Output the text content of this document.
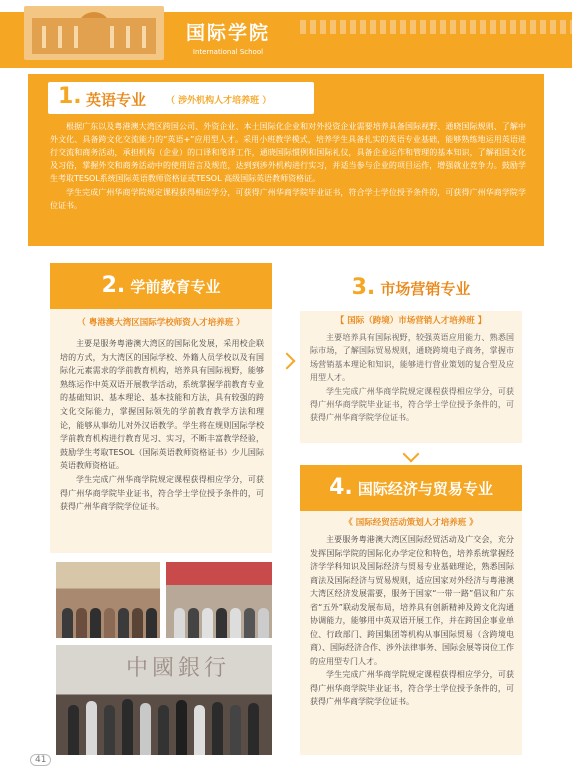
国际学院
International School
1. 英语专业 （ 涉外机构人才培养班 ）

根据广东以及粤港澳大湾区跨国公司、外资企业、本土国际化企业和对外投资企业需要培养具备国际视野、通晓国际规则、了解中外文化、具备跨文化交流能力的“英语+”应用型人才。采用小班教学模式，培养学生具备扎实的英语专业基础，能够熟练地运用英语进行交流和商务活动，承担机构（企业）的口译和笔译工作，通晓国际惯例和国际礼仪，具备企业运作和管理的基本知识，了解祖国文化及习俗，掌握外交和商务活动中的使用语言及规范，达到到涉外机构进行实习，并适当参与企业的项目运作，增强就业竞争力。鼓励学生考取TESOL系统国际英语教师资格证或TESOL 高级国际英语教师资格证。

学生完成广州华商学院规定课程获得相应学分，可获得广州华商学院毕业证书，符合学士学位授予条件的，可获得广州华商学院学位证书。

2. 学前教育专业
（ 粤港澳大湾区国际学校师资人才培养班 ）

主要是服务粤港澳大湾区的国际化发展，采用校企联培的方式，为大湾区的国际学校、外籍人员学校以及有国际化元素需求的学前教育机构，培养具有国际视野，能够熟练运作中英双语开展教学活动，系统掌握学前教育专业的基础知识、基本理论、基本技能和方法，具有较强的跨文化交际能力，掌握国际领先的学前教育教学方法和理论，能够从事幼儿对外汉语教学。学生将在规则国际学校学前教育机构进行教育见习、实习，不断丰富教学经验，鼓励学生考取TESOL（国际英语教师资格证书）少儿国际英语教师资格证。

学生完成广州华商学院规定课程获得相应学分，可获得广州华商学院毕业证书，符合学士学位授予条件的，可获得广州华商学院学位证书。

3. 市场营销专业
【 国际（跨境）市场营销人才培养班 】

主要培养具有国际视野，较强英语应用能力、熟悉国际市场，了解国际贸易规则，通晓跨境电子商务，掌握市场营销基本理论和知识，能够进行营业策划的复合型及应用型人才。

学生完成广州华商学院规定课程获得相应学分，可获得广州华商学院毕业证书，符合学士学位授予条件的，可获得广州华商学院学位证书。

4. 国际经济与贸易专业
《 国际经贸活动策划人才培养班 》

主要服务粤港澳大湾区国际经贸活动及广交会，充分发挥国际学院的国际化办学定位和特色，培养系统掌握经济学学科知识及国际经济与贸易专业基础理论，熟悉国际商法及国际经济与贸易规则，适应国家对外经济与粤港澳大湾区经济发展需要，服务于国家“一带一路”倡议和广东省“五外”联动发展布局，培养具有创新精神及跨文化沟通协调能力，能够用中英双语开展工作，并在跨国企事业单位、行政部门、跨国集团等机构从事国际贸易（含跨境电商）、国际经济合作、涉外法律事务、国际会展等岗位工作的应用型专门人才。

学生完成广州华商学院规定课程获得相应学分，可获得广州华商学院毕业证书，符合学士学位授予条件的，可获得广州华商学院学位证书。

中國銀行
41
